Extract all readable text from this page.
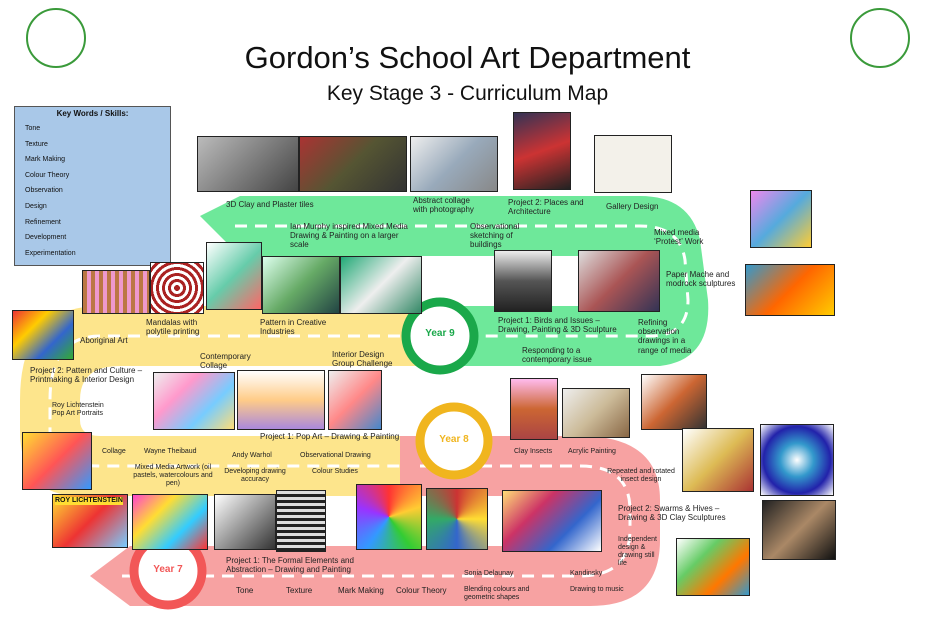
Gordon’s School Art Department
Key Stage 3 - Curriculum Map
Key Words / Skills:
Tone
Texture
Mark Making
Colour Theory
Observation
Design
Refinement
Development
Experimentation
ROY LICHTENSTEIN
Year 9
Year 8
Year 7
3D Clay and Plaster tiles
Ian Murphy inspired Mixed Media Drawing & Painting on a larger scale
Abstract collage with photography
Observational sketching of buildings
Project 2: Places and Architecture
Gallery Design
Mixed media ‘Protest’ Work
Paper Mache and modrock sculptures
Project 1: Birds and Issues – Drawing, Painting & 3D Sculpture
Refining observation drawings in a range of media
Responding to a contemporary issue
Mandalas with polytile printing
Pattern in Creative Industries
Aboriginal Art
Contemporary Collage
Interior Design Group Challenge
Project 2: Pattern and Culture – Printmaking & Interior Design
Roy Lichtenstein Pop Art Portraits
Project 1: Pop Art – Drawing & Painting
Collage	Wayne Theibaud
Mixed Media Artwork (oil pastels, watercolours and pen)
Andy Warhol
Developing drawing accuracy
Observational Drawing
Colour Studies
Clay Insects	Acrylic Painting
Repeated and rotated insect design
Project 2: Swarms & Hives – Drawing & 3D Clay Sculptures
Independent design & drawing still life
Project 1: The Formal Elements and Abstraction – Drawing and Painting	Sonia Delaunay	Kandinsky
Tone	Texture	Mark Making	Colour Theory	Blending colours and geometric shapes
Drawing to music
